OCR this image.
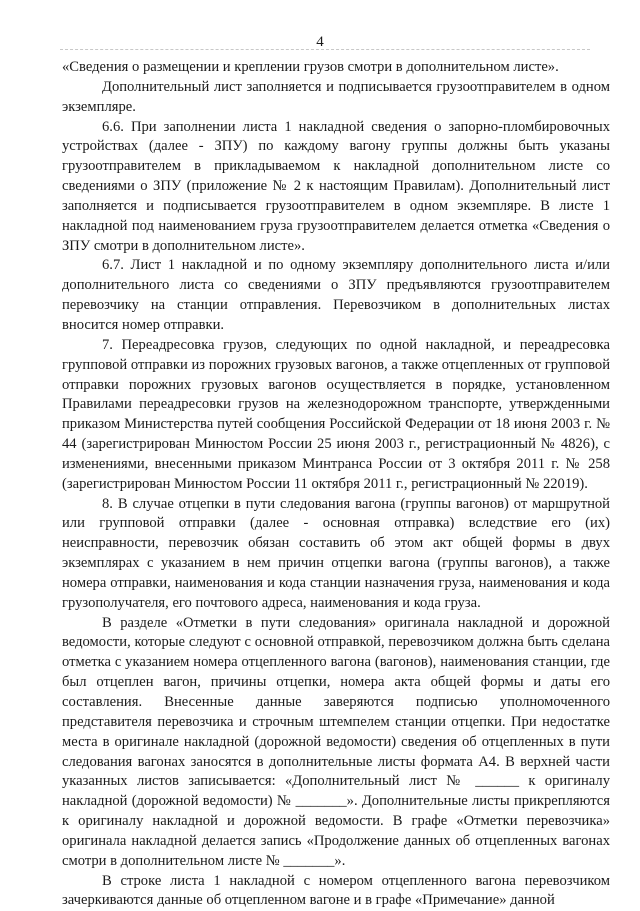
4

«Сведения о размещении и креплении грузов смотри в дополнительном листе».

Дополнительный лист заполняется и подписывается грузоотправителем в одном экземпляре.

6.6. При заполнении листа 1 накладной сведения о запорно-пломбировочных устройствах (далее - ЗПУ) по каждому вагону группы должны быть указаны грузоотправителем в прикладываемом к накладной дополнительном листе со сведениями о ЗПУ (приложение № 2 к настоящим Правилам). Дополнительный лист заполняется и подписывается грузоотправителем в одном экземпляре. В листе 1 накладной под наименованием груза грузоотправителем делается отметка «Сведения о ЗПУ смотри в дополнительном листе».

6.7. Лист 1 накладной и по одному экземпляру дополнительного листа и/или дополнительного листа со сведениями о ЗПУ предъявляются грузоотправителем перевозчику на станции отправления. Перевозчиком в дополнительных листах вносится номер отправки.

7. Переадресовка грузов, следующих по одной накладной, и переадресовка групповой отправки из порожних грузовых вагонов, а также отцепленных от групповой отправки порожних грузовых вагонов осуществляется в порядке, установленном Правилами переадресовки грузов на железнодорожном транспорте, утвержденными приказом Министерства путей сообщения Российской Федерации от 18 июня 2003 г. № 44 (зарегистрирован Минюстом России 25 июня 2003 г., регистрационный № 4826), с изменениями, внесенными приказом Минтранса России от 3 октября 2011 г. № 258 (зарегистрирован Минюстом России 11 октября 2011 г., регистрационный № 22019).

8. В случае отцепки в пути следования вагона (группы вагонов) от маршрутной или групповой отправки (далее - основная отправка) вследствие его (их) неисправности, перевозчик обязан составить об этом акт общей формы в двух экземплярах с указанием в нем причин отцепки вагона (группы вагонов), а также номера отправки, наименования и кода станции назначения груза, наименования и кода грузополучателя, его почтового адреса, наименования и кода груза.

В разделе «Отметки в пути следования» оригинала накладной и дорожной ведомости, которые следуют с основной отправкой, перевозчиком должна быть сделана отметка с указанием номера отцепленного вагона (вагонов), наименования станции, где был отцеплен вагон, причины отцепки, номера акта общей формы и даты его составления. Внесенные данные заверяются подписью уполномоченного представителя перевозчика и строчным штемпелем станции отцепки. При недостатке места в оригинале накладной (дорожной ведомости) сведения об отцепленных в пути следования вагонах заносятся в дополнительные листы формата А4. В верхней части указанных листов записывается: «Дополнительный лист № ______ к оригиналу накладной (дорожной ведомости) № _______». Дополнительные листы прикрепляются к оригиналу накладной и дорожной ведомости. В графе «Отметки перевозчика» оригинала накладной делается запись «Продолжение данных об отцепленных вагонах смотри в дополнительном листе № _______».

В строке листа 1 накладной с номером отцепленного вагона перевозчиком зачеркиваются данные об отцепленном вагоне и в графе «Примечание» данной
